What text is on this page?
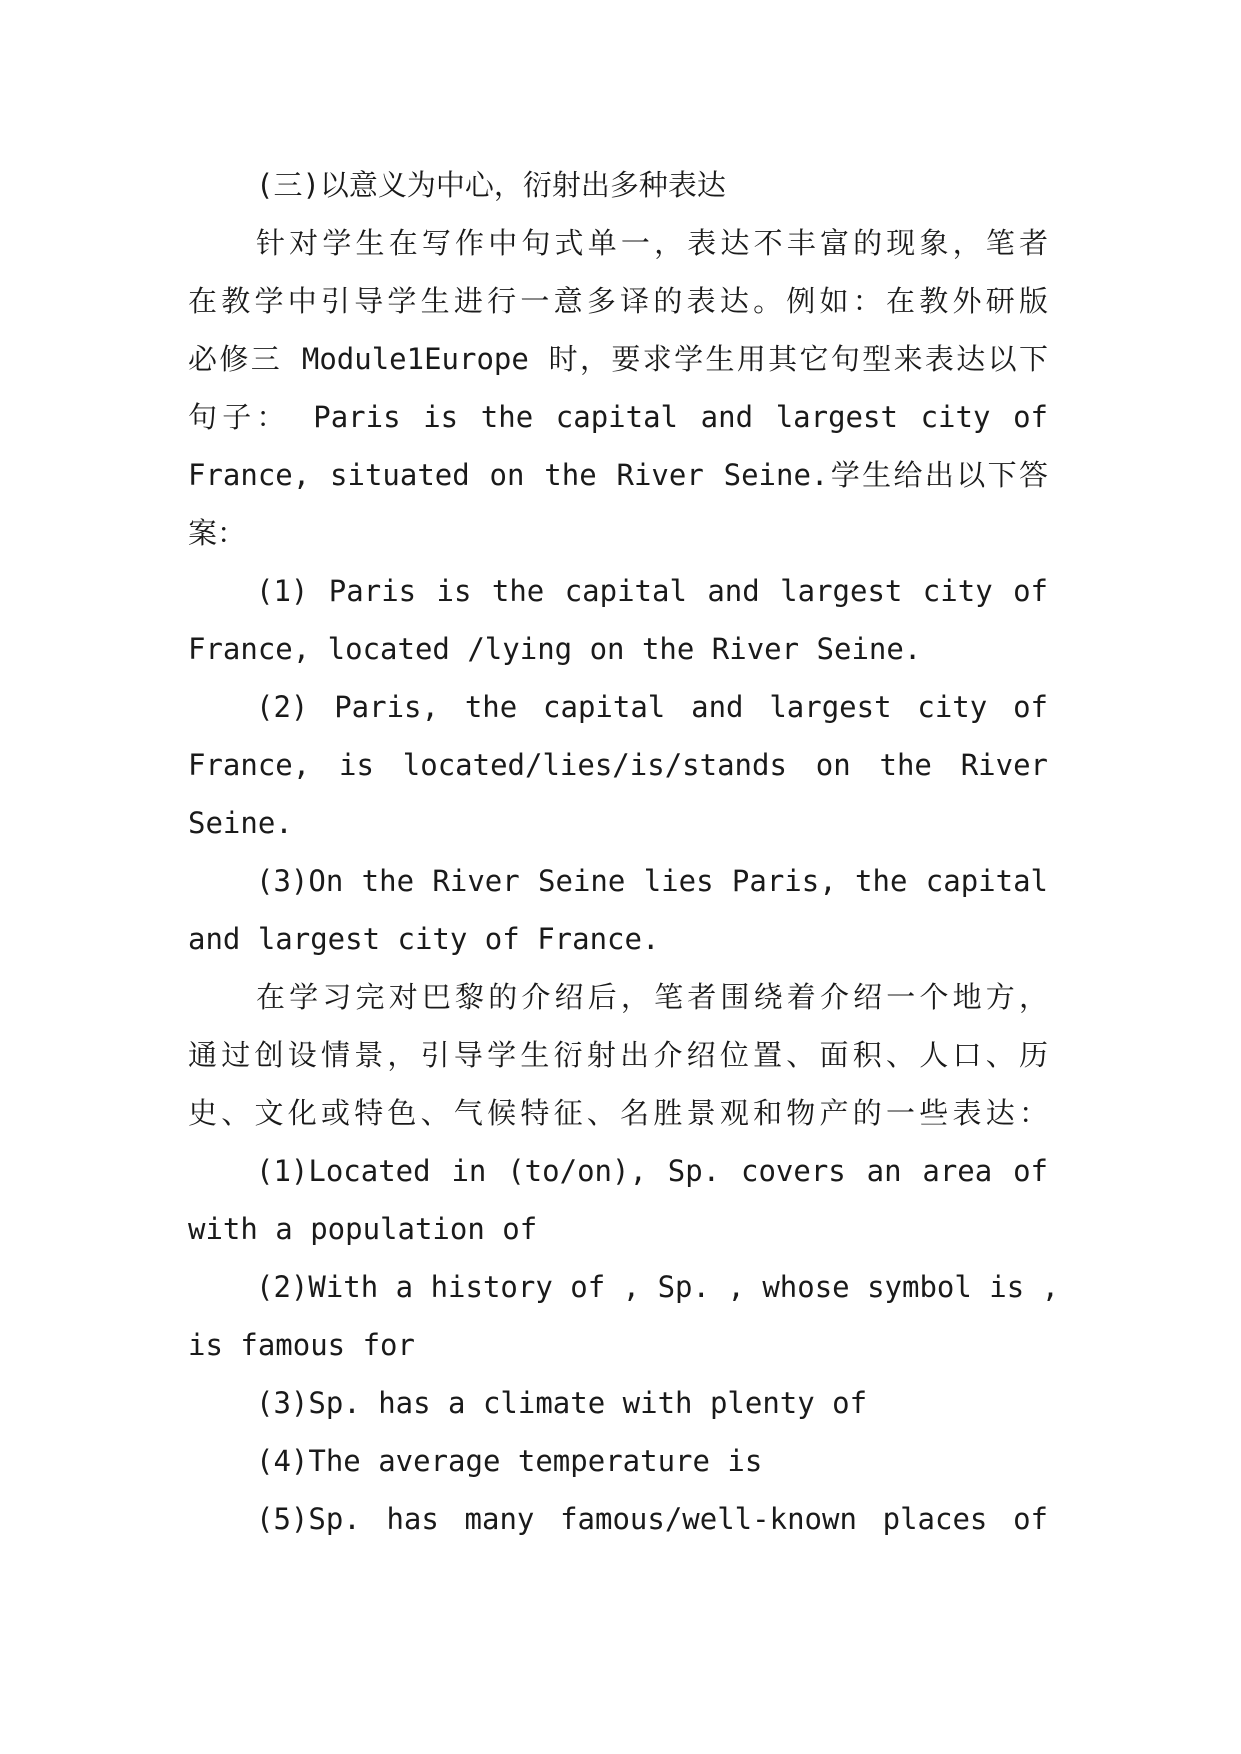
(三)以意义为中心，衍射出多种表达
针对学生在写作中句式单一，表达不丰富的现象，笔者
在教学中引导学生进行一意多译的表达。例如：在教外研版
必修三 Module1Europe 时，要求学生用其它句型来表达以下
句子： Paris is the capital and largest city of
France, situated on the River Seine.学生给出以下答
案：
(1) Paris is the capital and largest city of
France, located /lying on the River Seine.
(2) Paris, the capital and largest city of
France, is located/lies/is/stands on the River
Seine.
(3)On the River Seine lies Paris, the capital
and largest city of France.
在学习完对巴黎的介绍后，笔者围绕着介绍一个地方，
通过创设情景，引导学生衍射出介绍位置、面积、人口、历
史、文化或特色、气候特征、名胜景观和物产的一些表达：
(1)Located in (to/on), Sp. covers an area of
with a population of
(2)With a history of , Sp. , whose symbol is ,
is famous for
(3)Sp. has a climate with plenty of
(4)The average temperature is
(5)Sp. has many famous/well-known places of
